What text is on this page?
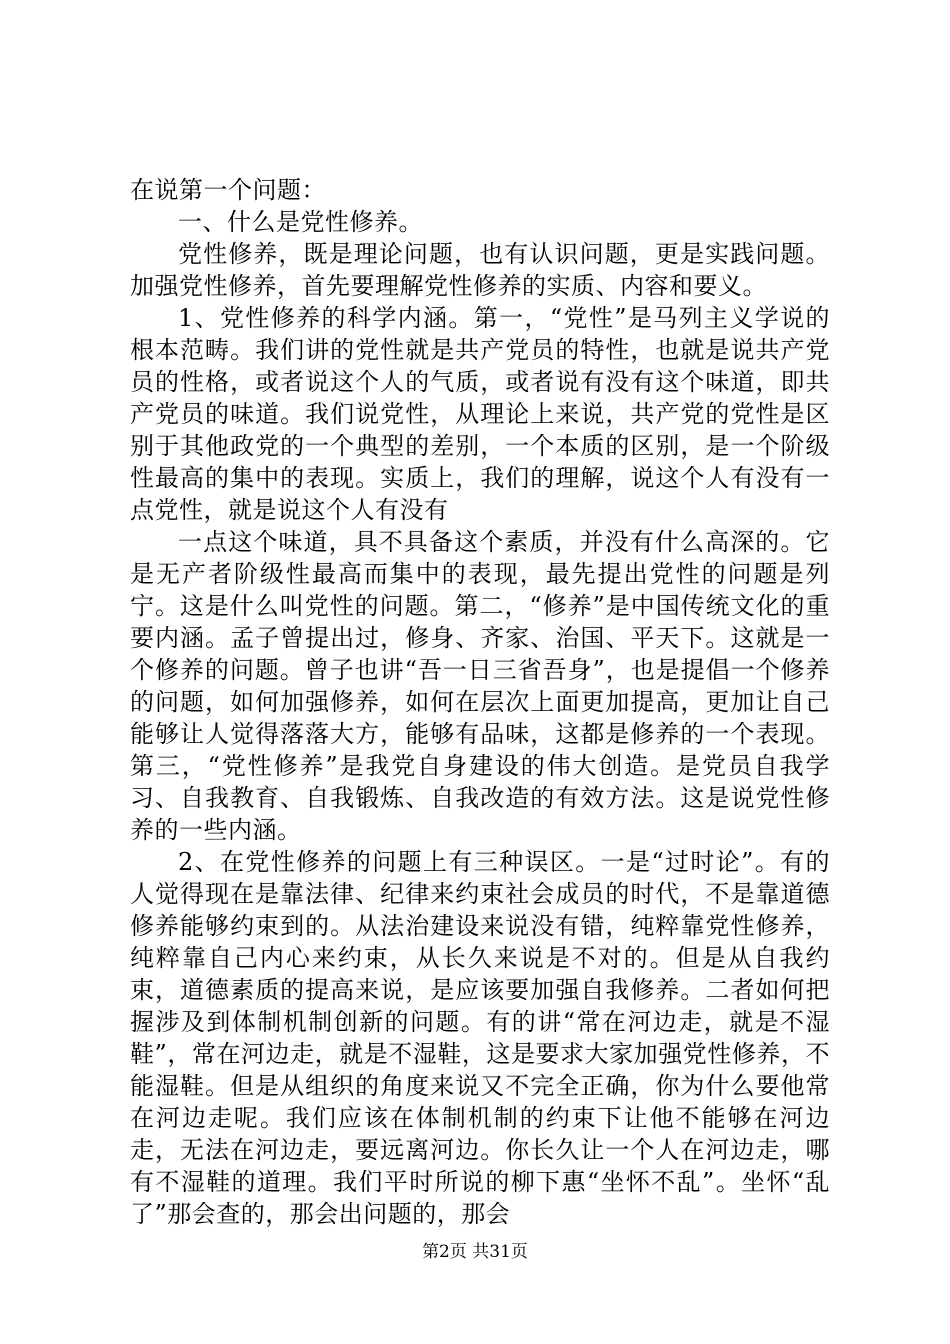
在说第一个问题：

一、什么是党性修养。

党性修养，既是理论问题，也有认识问题，更是实践问题。加强党性修养，首先要理解党性修养的实质、内容和要义。

1、党性修养的科学内涵。第一，“党性”是马列主义学说的根本范畴。我们讲的党性就是共产党员的特性，也就是说共产党员的性格，或者说这个人的气质，或者说有没有这个味道，即共产党员的味道。我们说党性，从理论上来说，共产党的党性是区别于其他政党的一个典型的差别，一个本质的区别，是一个阶级性最高的集中的表现。实质上，我们的理解，说这个人有没有一点党性，就是说这个人有没有

一点这个味道，具不具备这个素质，并没有什么高深的。它是无产者阶级性最高而集中的表现，最先提出党性的问题是列宁。这是什么叫党性的问题。第二，“修养”是中国传统文化的重要内涵。孟子曾提出过，修身、齐家、治国、平天下。这就是一个修养的问题。曾子也讲“吾一日三省吾身”，也是提倡一个修养的问题，如何加强修养，如何在层次上面更加提高，更加让自己能够让人觉得落落大方，能够有品味，这都是修养的一个表现。第三，“党性修养”是我党自身建设的伟大创造。是党员自我学习、自我教育、自我锻炼、自我改造的有效方法。这是说党性修养的一些内涵。

2、在党性修养的问题上有三种误区。一是“过时论”。有的人觉得现在是靠法律、纪律来约束社会成员的时代，不是靠道德修养能够约束到的。从法治建设来说没有错，纯粹靠党性修养，纯粹靠自己内心来约束，从长久来说是不对的。但是从自我约束，道德素质的提高来说，是应该要加强自我修养。二者如何把握涉及到体制机制创新的问题。有的讲“常在河边走，就是不湿鞋”，常在河边走，就是不湿鞋，这是要求大家加强党性修养，不能湿鞋。但是从组织的角度来说又不完全正确，你为什么要他常在河边走呢。我们应该在体制机制的约束下让他不能够在河边走，无法在河边走，要远离河边。你长久让一个人在河边走，哪有不湿鞋的道理。我们平时所说的柳下惠“坐怀不乱”。坐怀“乱了”那会查的，那会出问题的，那会

第2页 共31页
